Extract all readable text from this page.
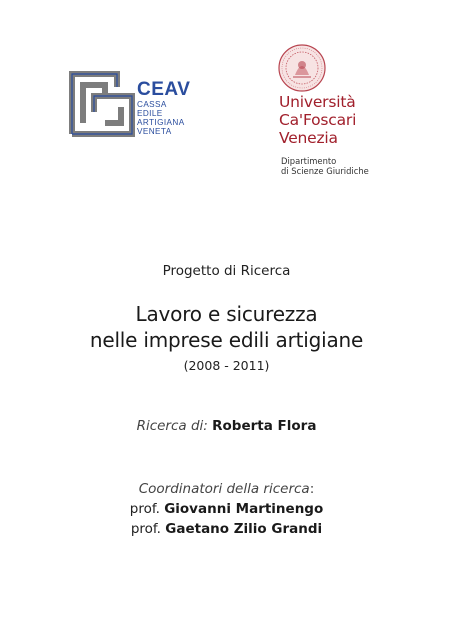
CEAV
CASSA
EDILE
ARTIGIANA
VENETA
Università
Ca'Foscari
Venezia
Dipartimento
di Scienze Giuridiche
Progetto di Ricerca
Lavoro e sicurezza
nelle imprese edili artigiane
(2008 - 2011)
Ricerca di: Roberta Flora
Coordinatori della ricerca:
prof. Giovanni Martinengo
prof. Gaetano Zilio Grandi
